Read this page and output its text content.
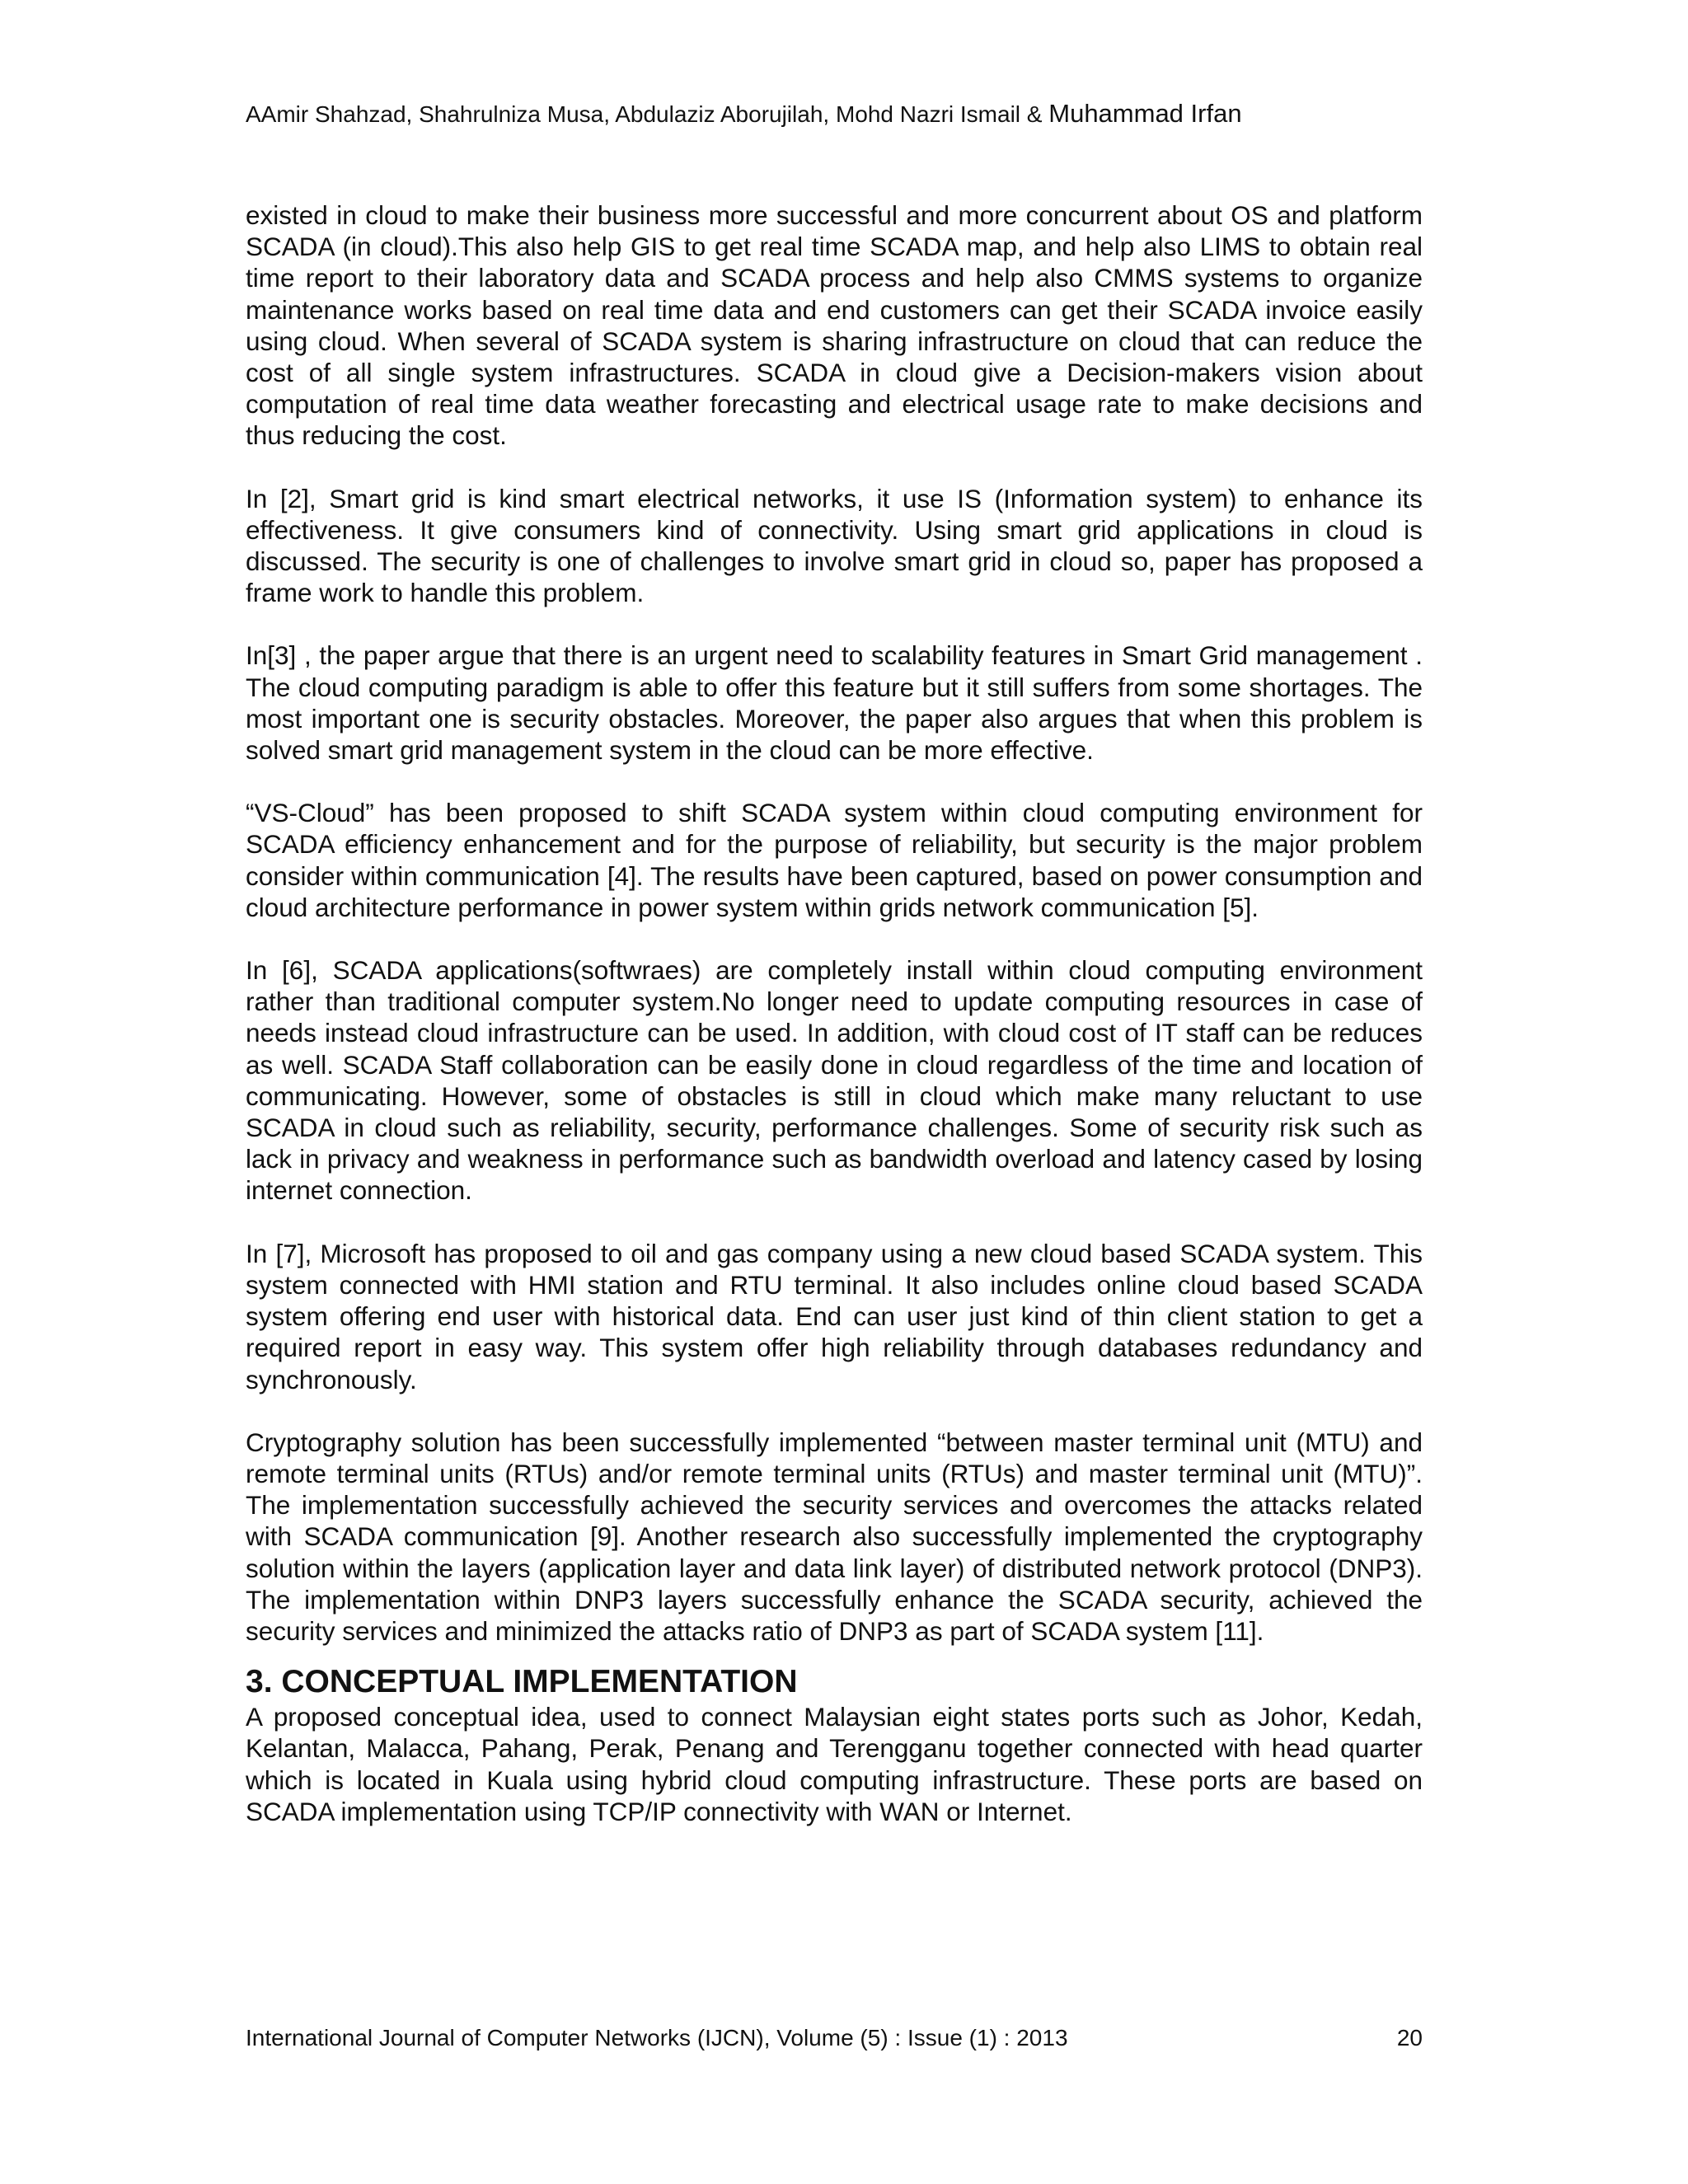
AAmir Shahzad, Shahrulniza Musa, Abdulaziz Aborujilah, Mohd Nazri Ismail & Muhammad Irfan

existed in cloud to make their business more successful and more concurrent about OS and platform SCADA (in cloud).This also help GIS to get real time SCADA map, and help also LIMS to obtain real time report to their laboratory data and SCADA process and help also CMMS systems to organize maintenance works based on real time data and end customers can get their SCADA invoice easily using cloud. When several of SCADA system is sharing infrastructure on cloud that can reduce the cost of all single system infrastructures. SCADA in cloud give a Decision-makers vision about computation of real time data weather forecasting and electrical usage rate to make decisions and thus reducing the cost.

In [2], Smart grid is kind smart electrical networks, it use IS (Information system) to enhance its effectiveness. It give consumers kind of connectivity. Using smart grid applications in cloud is discussed. The security is one of challenges to involve smart grid in cloud so, paper has proposed a frame work to handle this problem.

In[3] , the paper argue that there is an urgent need to scalability features in Smart Grid management . The cloud computing paradigm is able to offer this feature but it still suffers from some shortages. The most important one is security obstacles. Moreover, the paper also argues that when this problem is solved smart grid management system in the cloud can be more effective.

“VS-Cloud” has been proposed to shift SCADA system within cloud computing environment for SCADA efficiency enhancement and for the purpose of reliability, but security is the major problem consider within communication [4]. The results have been captured, based on power consumption and cloud architecture performance in power system within grids network communication [5].

In [6], SCADA applications(softwraes) are completely install within cloud computing environment rather than traditional computer system.No longer need to update computing resources in case of needs instead cloud infrastructure can be used. In addition, with cloud cost of IT staff can be reduces as well. SCADA Staff collaboration can be easily done in cloud regardless of the time and location of communicating. However, some of obstacles is still in cloud which make many reluctant to use SCADA in cloud such as reliability, security, performance challenges. Some of security risk such as lack in privacy and weakness in performance such as bandwidth overload and latency cased by losing internet connection.

In [7], Microsoft has proposed to oil and gas company using a new cloud based SCADA system. This system connected with HMI station and RTU terminal. It also includes online cloud based SCADA system offering end user with historical data. End can user just kind of thin client station to get a required report in easy way. This system offer high reliability through databases redundancy and synchronously.

Cryptography solution has been successfully implemented “between master terminal unit (MTU) and remote terminal units (RTUs) and/or remote terminal units (RTUs) and master terminal unit (MTU)”. The implementation successfully achieved the security services and overcomes the attacks related with SCADA communication [9]. Another research also successfully implemented the cryptography solution within the layers (application layer and data link layer) of distributed network protocol (DNP3). The implementation within DNP3 layers successfully enhance the SCADA security, achieved the security services and minimized the attacks ratio of DNP3 as part of SCADA system [11].

3. CONCEPTUAL IMPLEMENTATION

A proposed conceptual idea, used to connect Malaysian eight states ports such as Johor, Kedah, Kelantan, Malacca, Pahang, Perak, Penang and Terengganu together connected with head quarter which is located in Kuala using hybrid cloud computing infrastructure. These ports are based on SCADA implementation using TCP/IP connectivity with WAN or Internet.

International Journal of Computer Networks (IJCN), Volume (5) : Issue (1) : 2013	20
